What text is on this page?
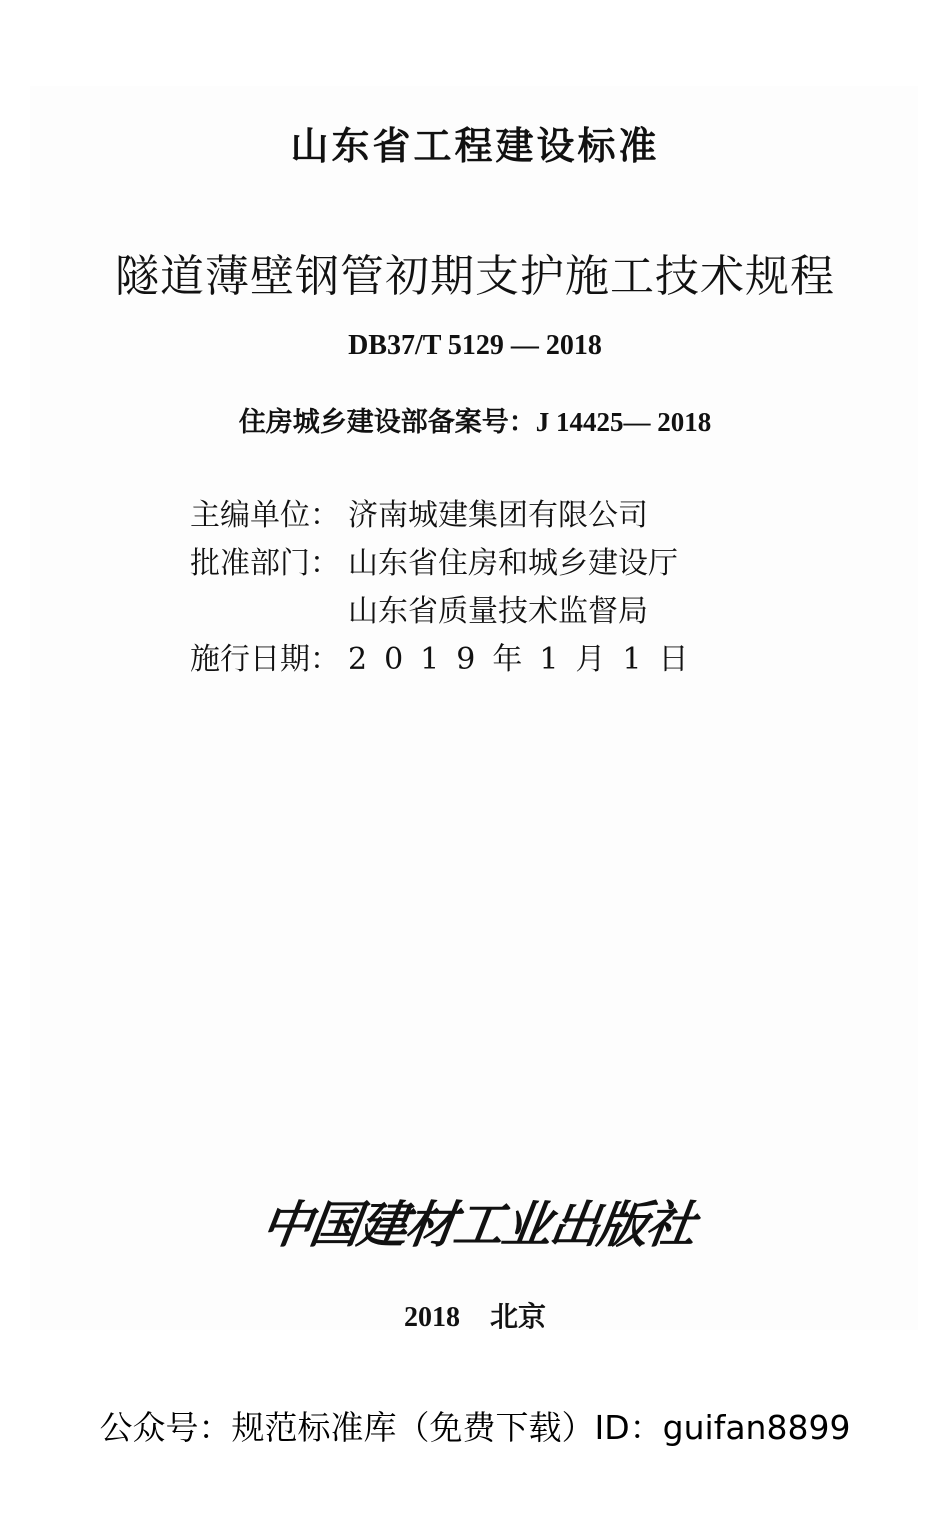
山东省工程建设标准
隧道薄壁钢管初期支护施工技术规程
DB37/T 5129 — 2018
住房城乡建设部备案号：J 14425— 2018
主编单位： 济南城建集团有限公司
批准部门： 山东省住房和城乡建设厅
山东省质量技术监督局
施行日期： 2019年1月1日
中国建材工业出版社
2018 北京
公众号：规范标准库（免费下载）ID：guifan8899
